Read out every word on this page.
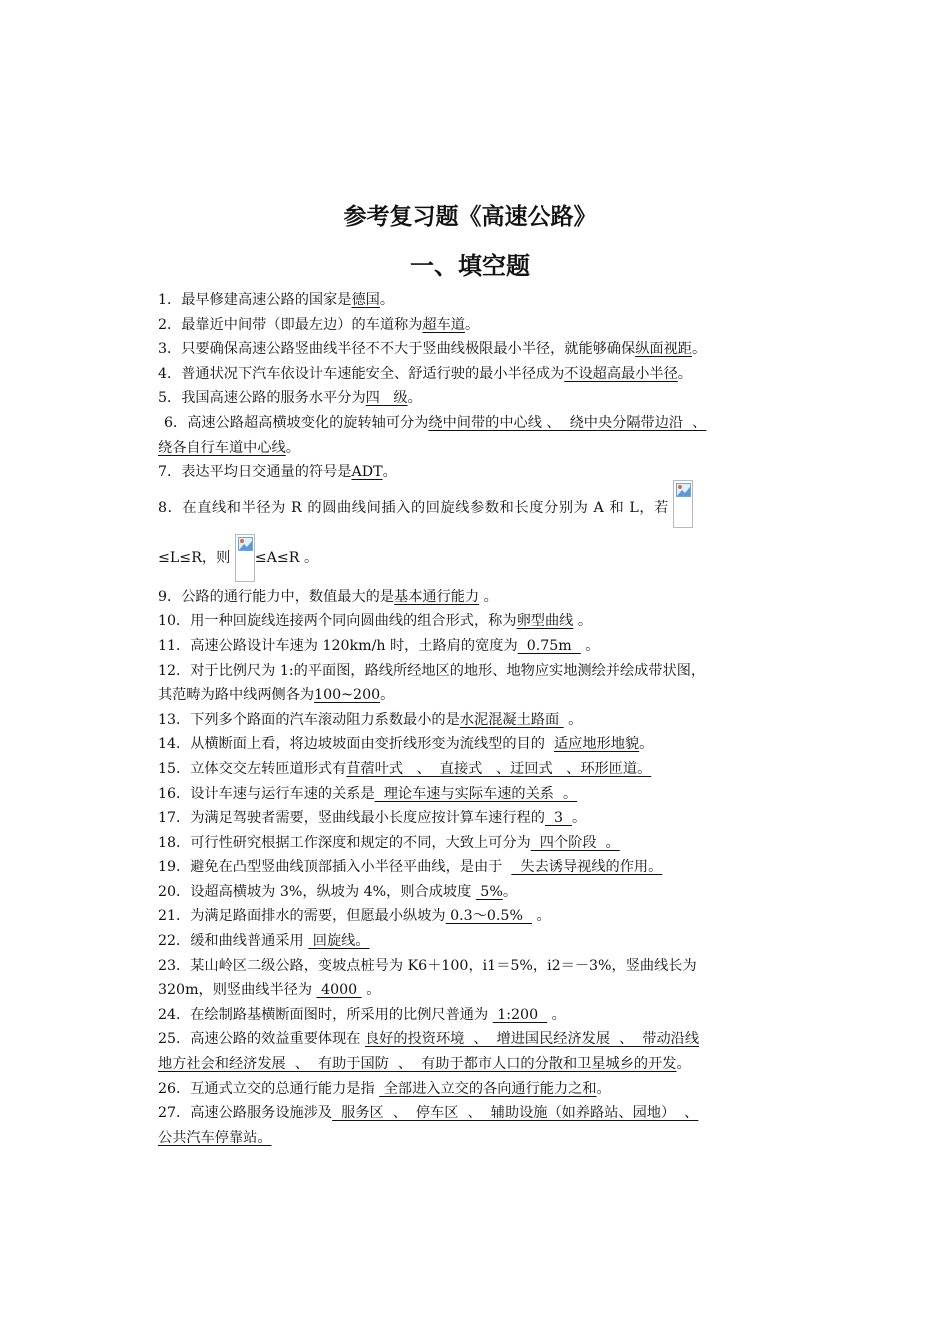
参考复习题《高速公路》
一、填空题
1．最早修建高速公路的国家是德国。
2．最靠近中间带（即最左边）的车道称为超车道。
3．只要确保高速公路竖曲线半径不不大于竖曲线极限最小半径，就能够确保纵面视距。
4．普通状况下汽车依设计车速能安全、舒适行驶的最小半径成为不设超高最小半径。
5．我国高速公路的服务水平分为四   级。
6．高速公路超高横坡变化的旋转轴可分为绕中间带的中心线 、  绕中央分隔带边沿  、
绕各自行车道中心线。
7．表达平均日交通量的符号是ADT。
8．在直线和半径为 R 的圆曲线间插入的回旋线参数和长度分别为 A 和 L，若
≤L≤R，则
≤A≤R 。
9．公路的通行能力中，数值最大的是基本通行能力 。
10．用一种回旋线连接两个同向圆曲线的组合形式，称为卵型曲线 。
11．高速公路设计车速为 120km/h 时，土路肩的宽度为  0.75m   。
12．对于比例尺为 1:的平面图，路线所经地区的地形、地物应实地测绘并绘成带状图，
其范畴为路中线两侧各为100~200。
13．下列多个路面的汽车滚动阻力系数最小的是水泥混凝土路面  。
14．从横断面上看，将边坡坡面由变折线形变为流线型的目的  适应地形地貌。
15．立体交交左转匝道形式有苜蓿叶式   、  直接式   、迂回式   、环形匝道。
16．设计车速与运行车速的关系是  理论车速与实际车速的关系  。
17．为满足驾驶者需要，竖曲线最小长度应按计算车速行程的  3  。
18．可行性研究根据工作深度和规定的不同，大致上可分为  四个阶段  。
19．避免在凸型竖曲线顶部插入小半径平曲线，是由于    失去诱导视线的作用。
20．设超高横坡为 3%，纵坡为 4%，则合成坡度  5%。
21．为满足路面排水的需要，但愿最小纵坡为 0.3～0.5%   。
22．缓和曲线普通采用  回旋线。
23．某山岭区二级公路，变坡点桩号为 K6＋100，i1＝5%，i2＝－3%，竖曲线长为
320m，则竖曲线半径为  4000  。
24．在绘制路基横断面图时，所采用的比例尺普通为  1:200   。
25．高速公路的效益重要体现在 良好的投资环境  、  增进国民经济发展  、  带动沿线
地方社会和经济发展  、  有助于国防  、  有助于都市人口的分散和卫星城乡的开发。
26．互通式立交的总通行能力是指  全部进入立交的各向通行能力之和。
27．高速公路服务设施涉及  服务区  、  停车区  、  辅助设施（如养路站、园地）  、
公共汽车停靠站。
